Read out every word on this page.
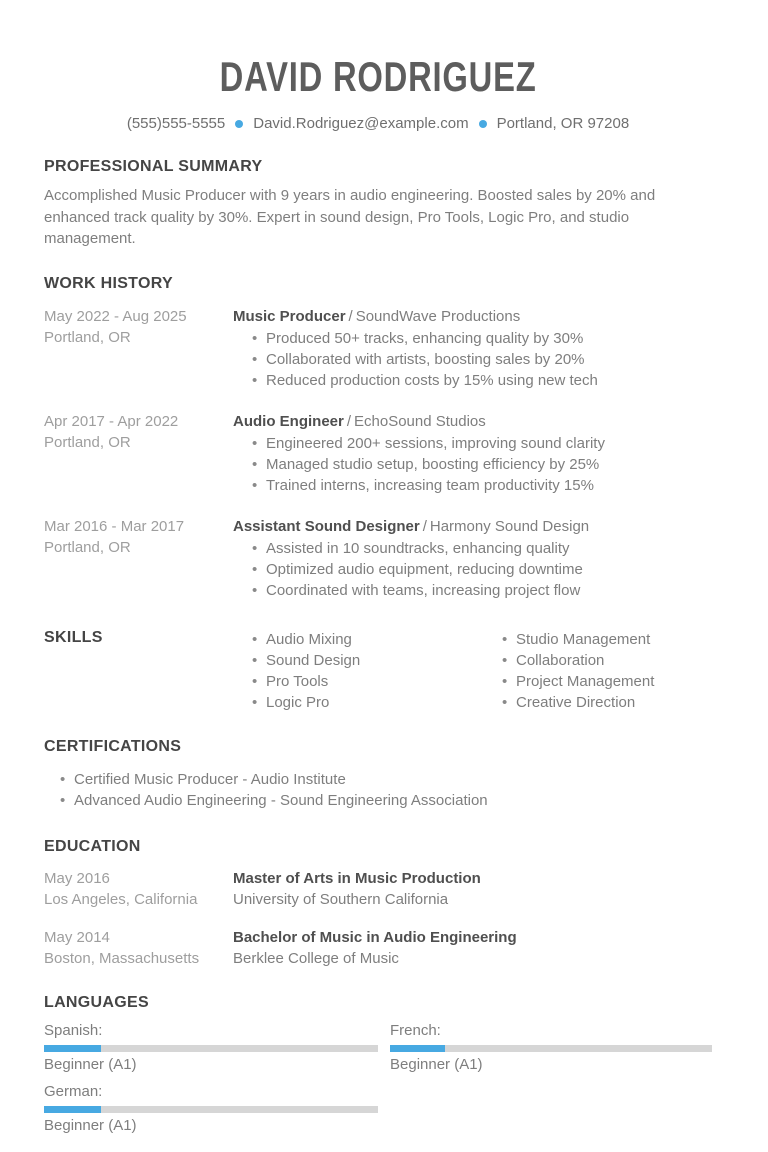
DAVID RODRIGUEZ
(555)555-5555 David.Rodriguez@example.com Portland, OR 97208
PROFESSIONAL SUMMARY

Accomplished Music Producer with 9 years in audio engineering. Boosted sales by 20% and enhanced track quality by 30%. Expert in sound design, Pro Tools, Logic Pro, and studio management.

WORK HISTORY
May 2022 - Aug 2025
Portland, OR
Music Producer / SoundWave Productions
• Produced 50+ tracks, enhancing quality by 30%
• Collaborated with artists, boosting sales by 20%
• Reduced production costs by 15% using new tech
Apr 2017 - Apr 2022
Portland, OR
Audio Engineer / EchoSound Studios
• Engineered 200+ sessions, improving sound clarity
• Managed studio setup, boosting efficiency by 25%
• Trained interns, increasing team productivity 15%
Mar 2016 - Mar 2017
Portland, OR
Assistant Sound Designer / Harmony Sound Design
• Assisted in 10 soundtracks, enhancing quality
• Optimized audio equipment, reducing downtime
• Coordinated with teams, increasing project flow
SKILLS	• Audio Mixing
• Sound Design
• Pro Tools
• Logic Pro
• Studio Management
• Collaboration
• Project Management
• Creative Direction
CERTIFICATIONS
• Certified Music Producer - Audio Institute
• Advanced Audio Engineering - Sound Engineering Association
EDUCATION
May 2016
Los Angeles, California
Master of Arts in Music Production
University of Southern California
May 2014
Boston, Massachusetts
Bachelor of Music in Audio Engineering
Berklee College of Music
LANGUAGES
Spanish:
Beginner (A1)
French:
Beginner (A1)
German:
Beginner (A1)
